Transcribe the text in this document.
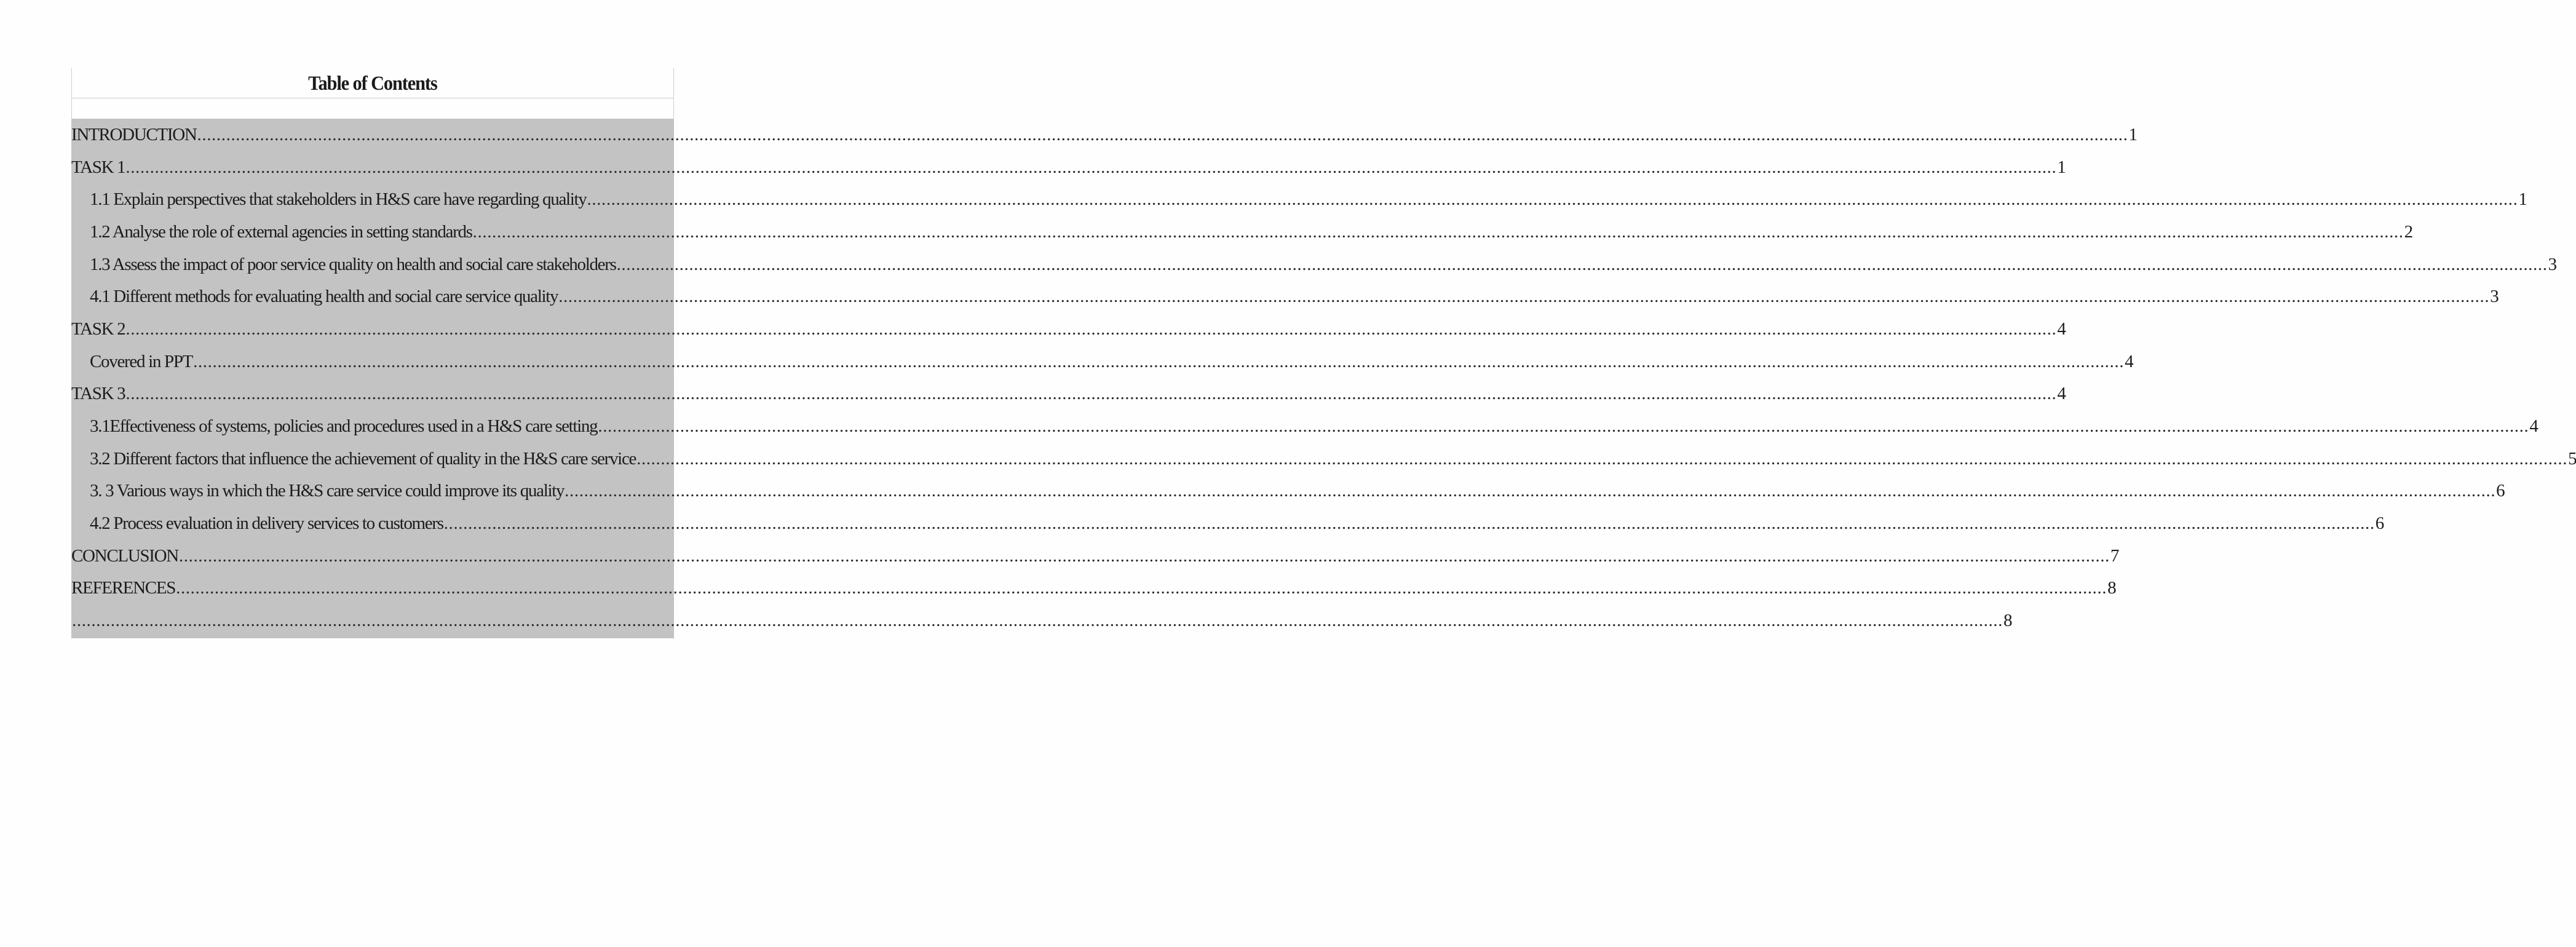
Table of Contents
INTRODUCTION ................................................................................................................................................................................................................................................................................................................................................................................................................ 1
TASK 1 ................................................................................................................................................................................................................................................................................................................................................................................................................ 1
1.1 Explain perspectives that stakeholders in H&S care have regarding quality ................................................................................................................................................................................................................................................................................................................................................................................................................ 1
1.2 Analyse the role of external agencies in setting standards ................................................................................................................................................................................................................................................................................................................................................................................................................ 2
1.3 Assess the impact of poor service quality on health and social care stakeholders ................................................................................................................................................................................................................................................................................................................................................................................................................ 3
4.1 Different methods for evaluating health and social care service quality ................................................................................................................................................................................................................................................................................................................................................................................................................ 3
TASK 2 ................................................................................................................................................................................................................................................................................................................................................................................................................ 4
Covered in PPT ................................................................................................................................................................................................................................................................................................................................................................................................................ 4
TASK 3 ................................................................................................................................................................................................................................................................................................................................................................................................................ 4
3.1Effectiveness of systems, policies and procedures used in a H&S care setting ................................................................................................................................................................................................................................................................................................................................................................................................................ 4
3.2 Different factors that influence the achievement of quality in the H&S care service ................................................................................................................................................................................................................................................................................................................................................................................................................ 5
3. 3 Various ways in which the H&S care service could improve its quality ................................................................................................................................................................................................................................................................................................................................................................................................................ 6
4.2 Process evaluation in delivery services to customers ................................................................................................................................................................................................................................................................................................................................................................................................................ 6
CONCLUSION ................................................................................................................................................................................................................................................................................................................................................................................................................ 7
REFERENCES ................................................................................................................................................................................................................................................................................................................................................................................................................ 8
................................................................................................................................................................................................................................................................................................................................................................................................................ 8
